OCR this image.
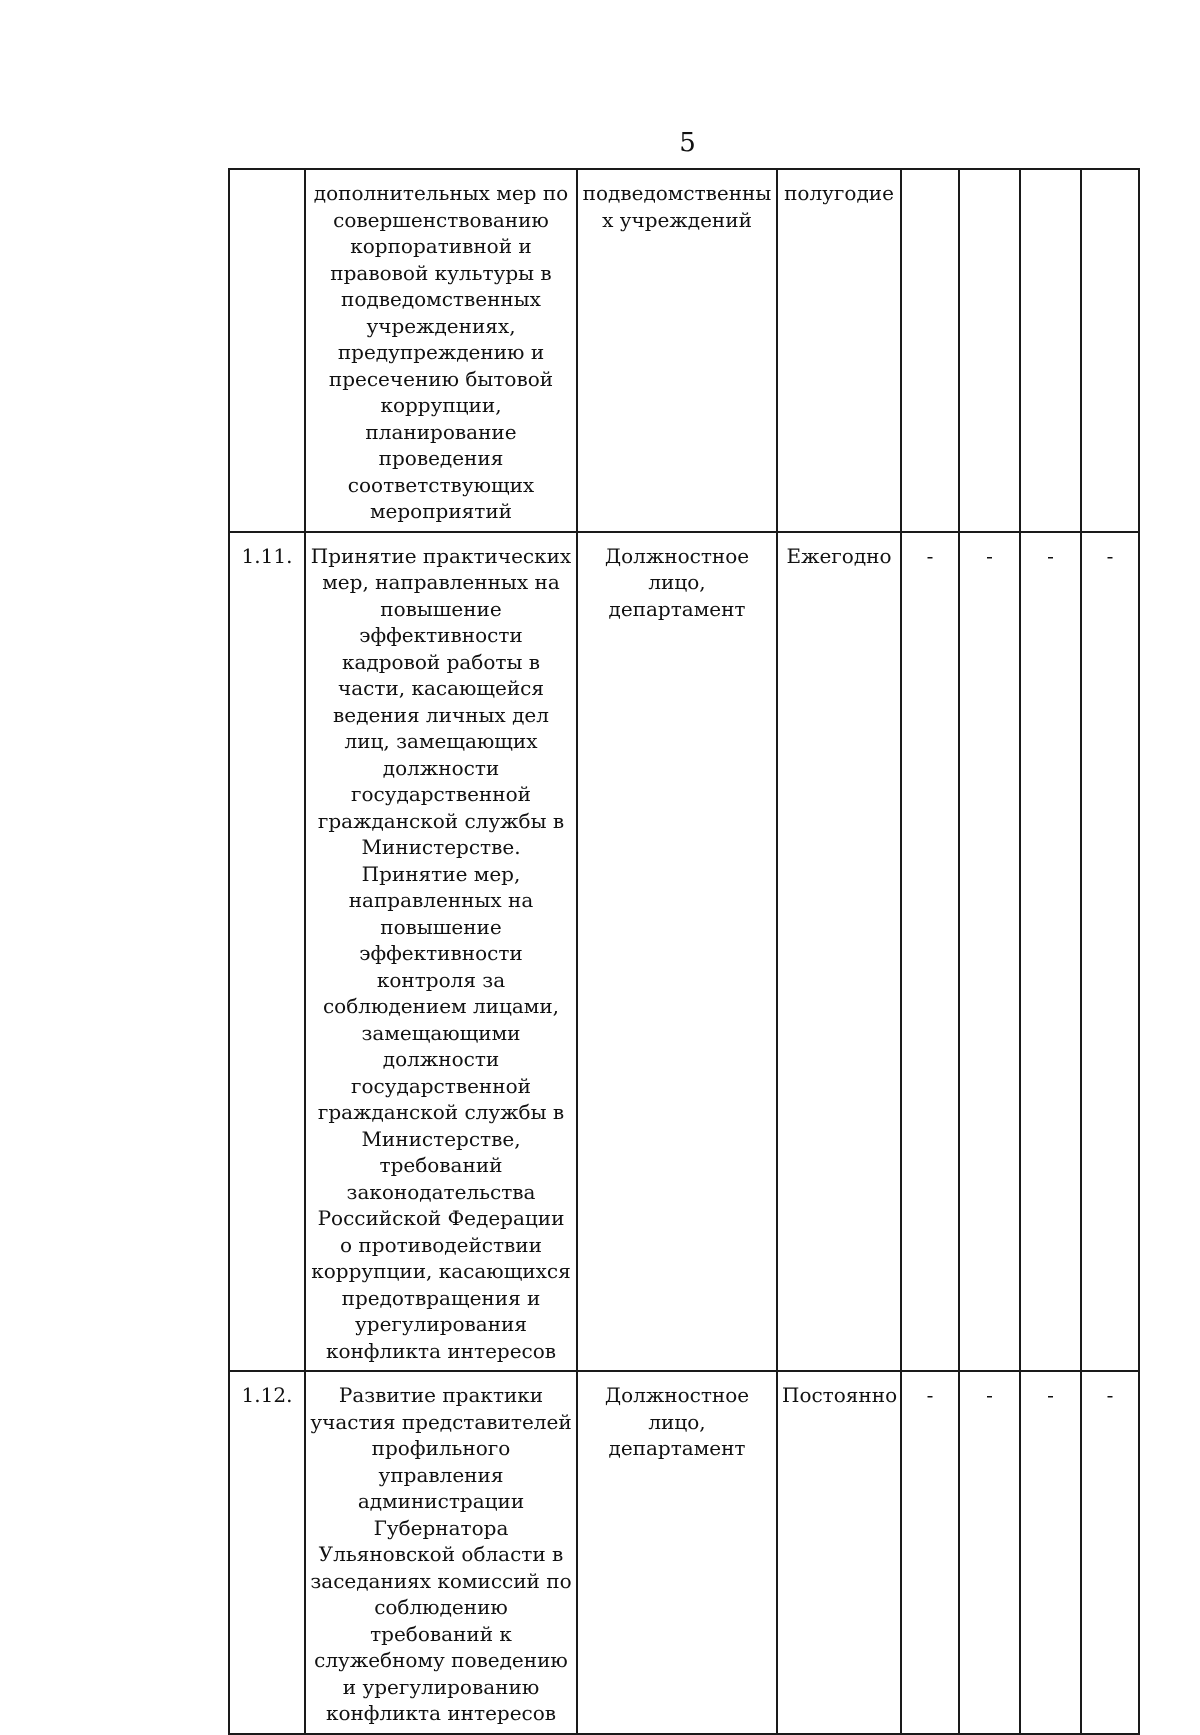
5
	дополнительных мер по совершенствованию корпоративной и правовой культуры в подведомственных учреждениях, предупреждению и пресечению бытовой коррупции, планирование проведения соответствующих мероприятий	подведомственны х учреждений	полугодие				
1.11.	Принятие практических мер, направленных на повышение эффективности кадровой работы в части, касающейся ведения личных дел лиц, замещающих должности государственной гражданской службы в Министерстве. Принятие мер, направленных на повышение эффективности контроля за соблюдением лицами, замещающими должности государственной гражданской службы в Министерстве, требований законодательства Российской Федерации о противодействии коррупции, касающихся предотвращения и урегулирования конфликта интересов	Должностное лицо, департамент	Ежегодно	-	-	-	-
1.12.	Развитие практики участия представителей профильного управления администрации Губернатора Ульяновской области в заседаниях комиссий по соблюдению требований к служебному поведению и урегулированию конфликта интересов	Должностное лицо, департамент	Постоянно	-	-	-	-
